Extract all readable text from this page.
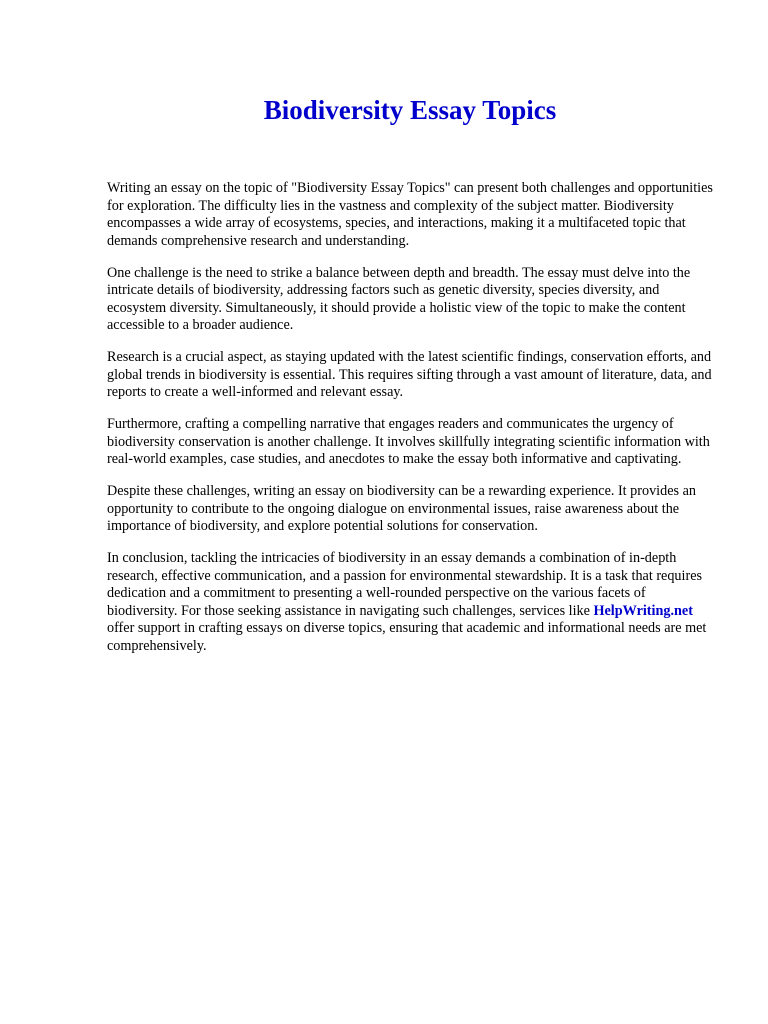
Biodiversity Essay Topics

Writing an essay on the topic of "Biodiversity Essay Topics" can present both challenges and opportunities for exploration. The difficulty lies in the vastness and complexity of the subject matter. Biodiversity encompasses a wide array of ecosystems, species, and interactions, making it a multifaceted topic that demands comprehensive research and understanding.

One challenge is the need to strike a balance between depth and breadth. The essay must delve into the intricate details of biodiversity, addressing factors such as genetic diversity, species diversity, and ecosystem diversity. Simultaneously, it should provide a holistic view of the topic to make the content accessible to a broader audience.

Research is a crucial aspect, as staying updated with the latest scientific findings, conservation efforts, and global trends in biodiversity is essential. This requires sifting through a vast amount of literature, data, and reports to create a well-informed and relevant essay.

Furthermore, crafting a compelling narrative that engages readers and communicates the urgency of biodiversity conservation is another challenge. It involves skillfully integrating scientific information with real-world examples, case studies, and anecdotes to make the essay both informative and captivating.

Despite these challenges, writing an essay on biodiversity can be a rewarding experience. It provides an opportunity to contribute to the ongoing dialogue on environmental issues, raise awareness about the importance of biodiversity, and explore potential solutions for conservation.

In conclusion, tackling the intricacies of biodiversity in an essay demands a combination of in-depth research, effective communication, and a passion for environmental stewardship. It is a task that requires dedication and a commitment to presenting a well-rounded perspective on the various facets of biodiversity. For those seeking assistance in navigating such challenges, services like HelpWriting.net offer support in crafting essays on diverse topics, ensuring that academic and informational needs are met comprehensively.
